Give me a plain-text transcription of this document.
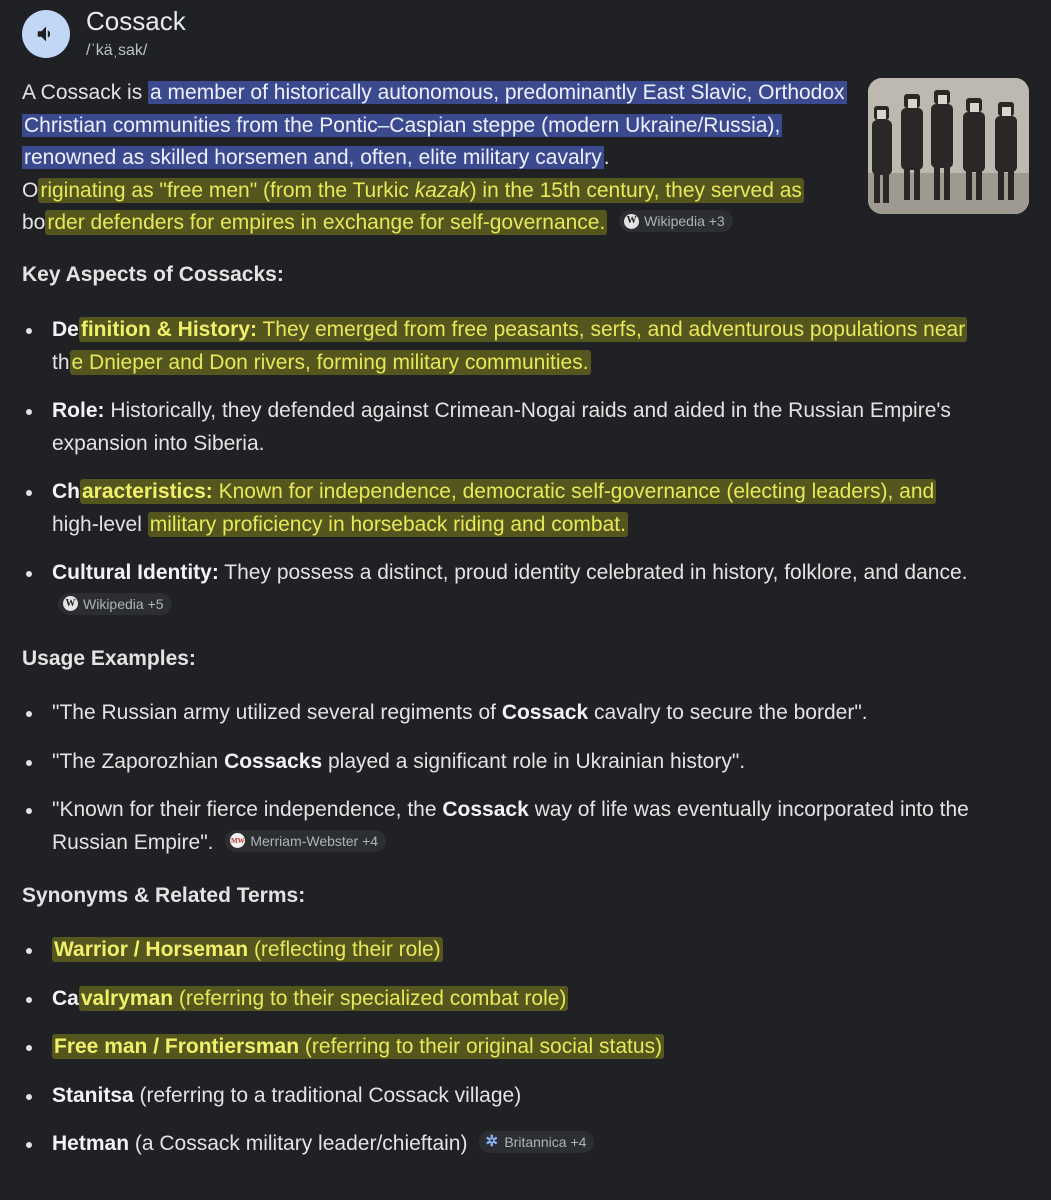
Cossack
/ˈkäˌsak/
A Cossack is a member of historically autonomous, predominantly East Slavic, Orthodox Christian communities from the Pontic–Caspian steppe (modern Ukraine/Russia), renowned as skilled horsemen and, often, elite military cavalry.
Originating as "free men" (from the Turkic kazak) in the 15th century, they served as
border defenders for empires in exchange for self-governance. W Wikipedia +3
Key Aspects of Cossacks:
Definition & History: They emerged from free peasants, serfs, and adventurous populations near
the Dnieper and Don rivers, forming military communities.
Role: Historically, they defended against Crimean-Nogai raids and aided in the Russian Empire's expansion into Siberia.
Characteristics: Known for independence, democratic self-governance (electing leaders), and
high-level military proficiency in horseback riding and combat.
Cultural Identity: They possess a distinct, proud identity celebrated in history, folklore, and dance.
W Wikipedia +5
Usage Examples:
"The Russian army utilized several regiments of Cossack cavalry to secure the border".
"The Zaporozhian Cossacks played a significant role in Ukrainian history".
"Known for their fierce independence, the Cossack way of life was eventually incorporated into the Russian Empire".	MW Merriam-Webster +4
Synonyms & Related Terms:
Warrior / Horseman (reflecting their role)
Cavalryman (referring to their specialized combat role)
Free man / Frontiersman (referring to their original social status)
Stanitsa (referring to a traditional Cossack village)
Hetman (a Cossack military leader/chieftain) ✲ Britannica +4
